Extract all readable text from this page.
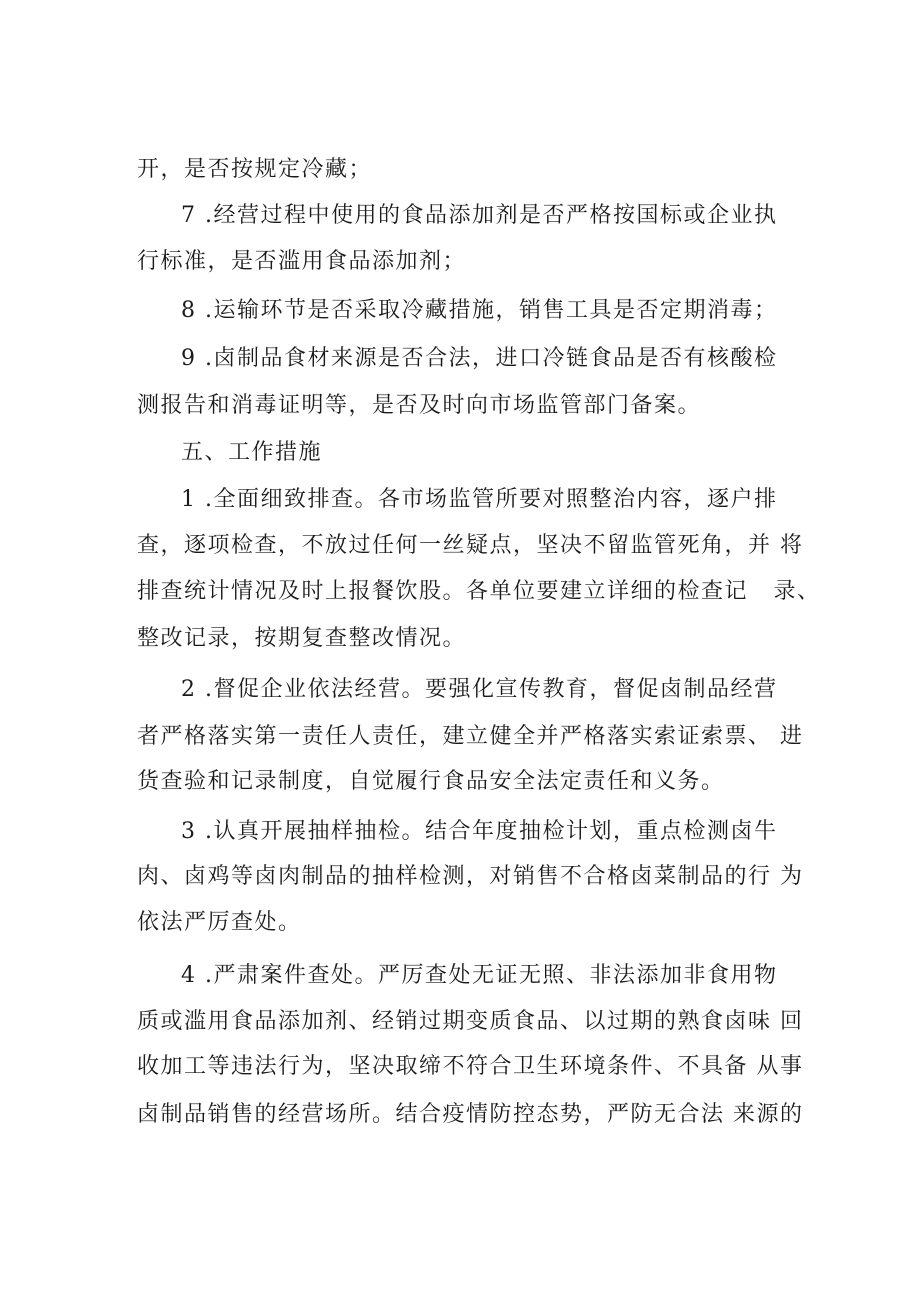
开，是否按规定冷藏；
7 .经营过程中使用的食品添加剂是否严格按国标或企业执
行标准，是否滥用食品添加剂；
8 .运输环节是否采取冷藏措施，销售工具是否定期消毒；
9 .卤制品食材来源是否合法，进口冷链食品是否有核酸检
测报告和消毒证明等，是否及时向市场监管部门备案。
五、工作措施
1 .全面细致排查。各市场监管所要对照整治内容，逐户排
查，逐项检查，不放过任何一丝疑点，坚决不留监管死角，并 将
排查统计情况及时上报餐饮股。各单位要建立详细的检查记   录、
整改记录，按期复查整改情况。
2 .督促企业依法经营。要强化宣传教育，督促卤制品经营
者严格落实第一责任人责任，建立健全并严格落实索证索票、 进
货查验和记录制度，自觉履行食品安全法定责任和义务。
3 .认真开展抽样抽检。结合年度抽检计划，重点检测卤牛
肉、卤鸡等卤肉制品的抽样检测，对销售不合格卤菜制品的行 为
依法严厉查处。
4 .严肃案件查处。严厉查处无证无照、非法添加非食用物
质或滥用食品添加剂、经销过期变质食品、以过期的熟食卤味 回
收加工等违法行为，坚决取缔不符合卫生环境条件、不具备 从事
卤制品销售的经营场所。结合疫情防控态势，严防无合法 来源的
